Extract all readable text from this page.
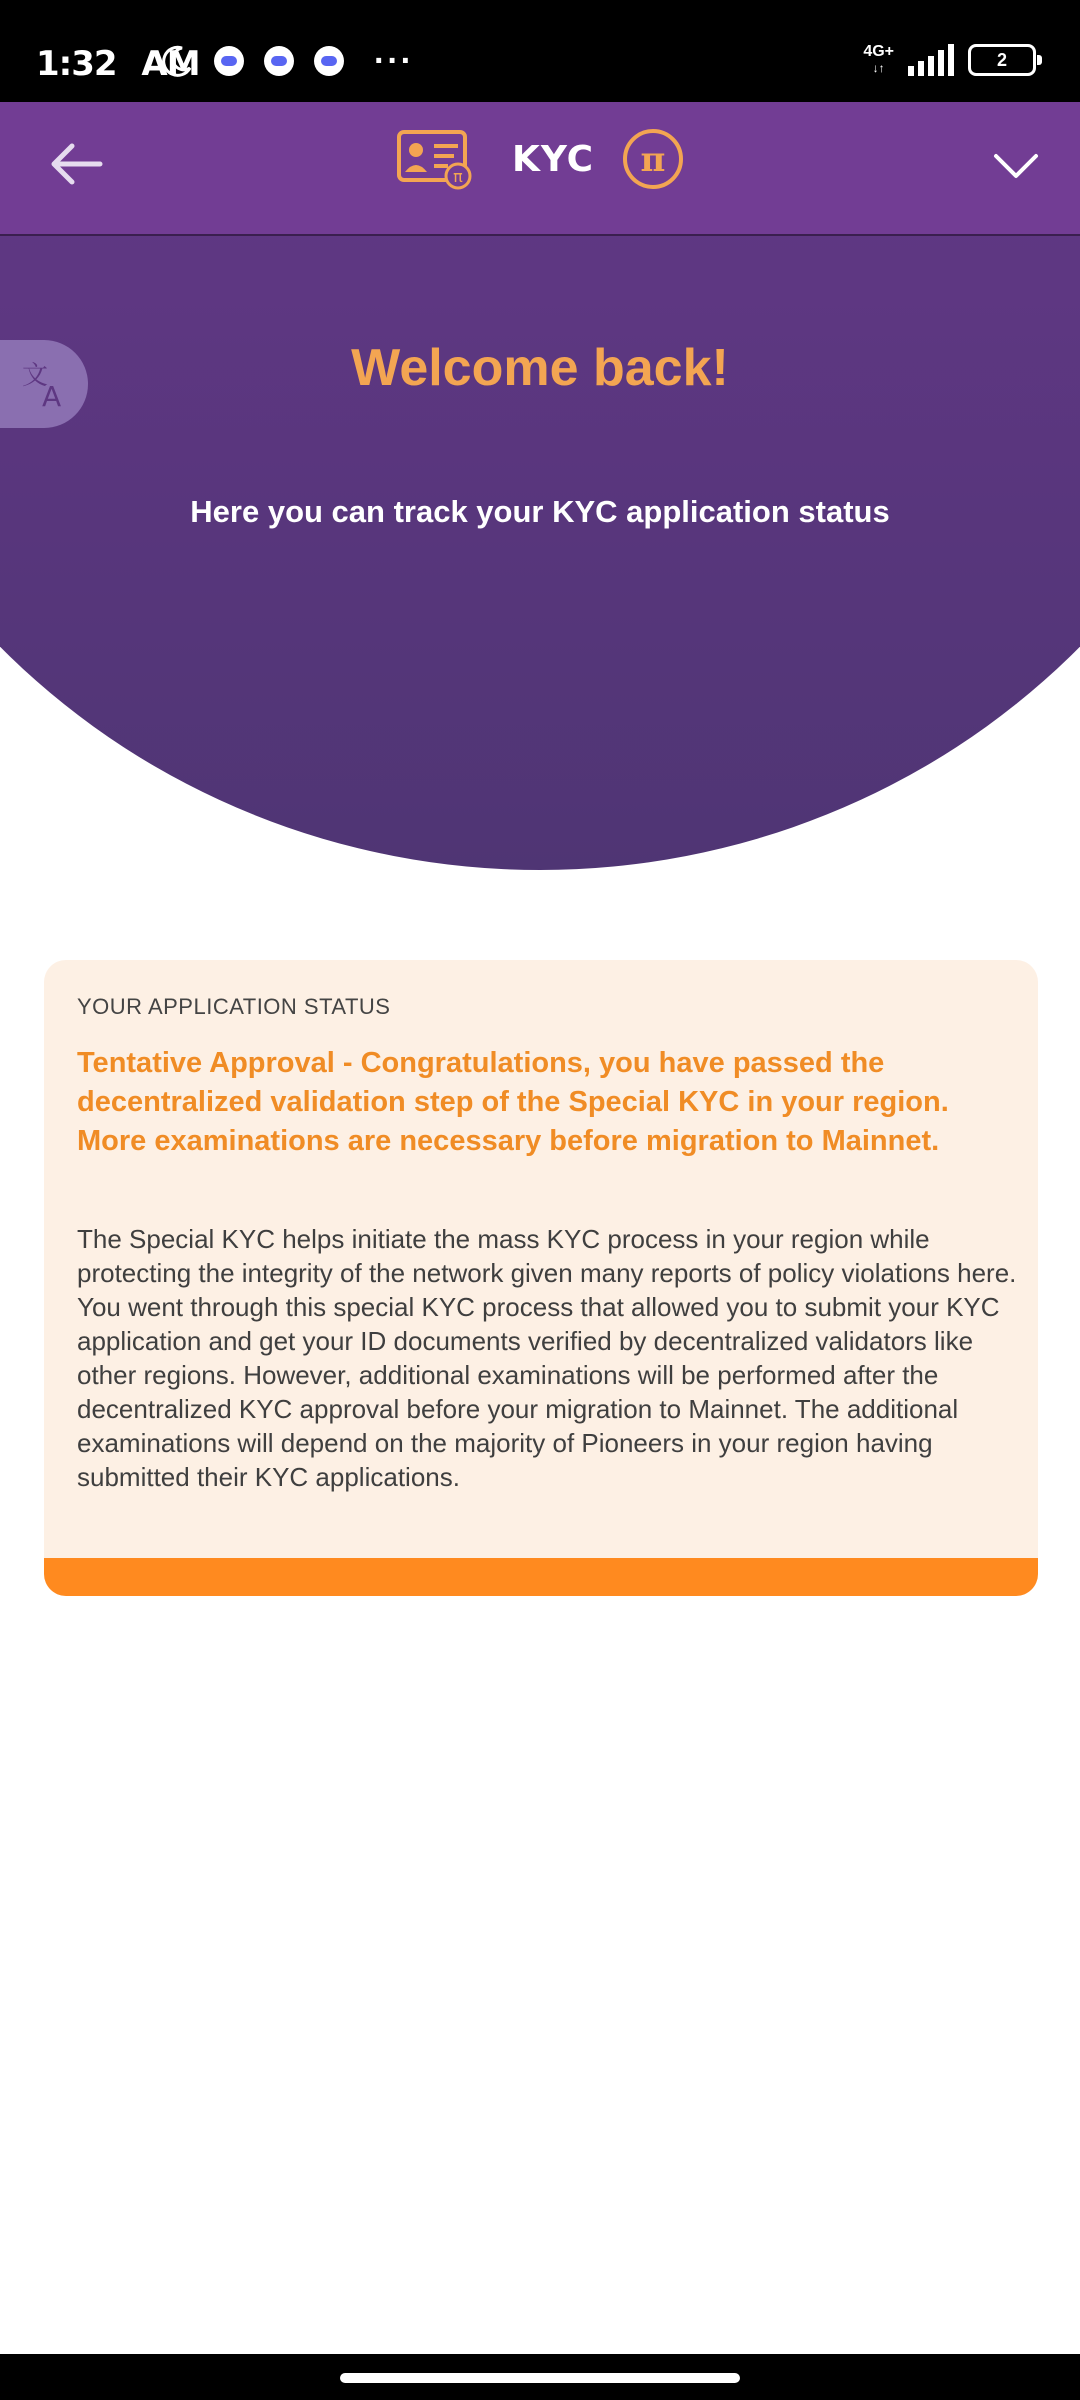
1:32 AM	···	4G+
↓↑	2
π KYC π
Welcome back!
Here you can track your KYC application status
文
A
YOUR APPLICATION STATUS
Tentative Approval - Congratulations, you have passed the decentralized validation step of the Special KYC in your region. More examinations are necessary before migration to Mainnet.
The Special KYC helps initiate the mass KYC process in your region while protecting the integrity of the network given many reports of policy violations here. You went through this special KYC process that allowed you to submit your KYC application and get your ID documents verified by decentralized validators like other regions. However, additional examinations will be performed after the decentralized KYC approval before your migration to Mainnet. The additional examinations will depend on the majority of Pioneers in your region having submitted their KYC applications.
